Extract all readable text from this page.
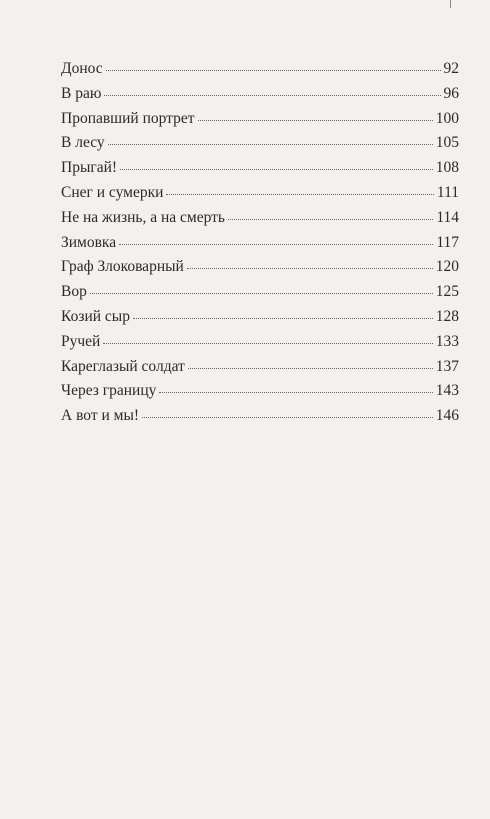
Донос	92
В раю	96
Пропавший портрет	100
В лесу	105
Прыгай!	108
Снег и сумерки	111
Не на жизнь, а на смерть	114
Зимовка	117
Граф Злоковарный	120
Вор	125
Козий сыр	128
Ручей	133
Кареглазый солдат	137
Через границу	143
А вот и мы!	146
